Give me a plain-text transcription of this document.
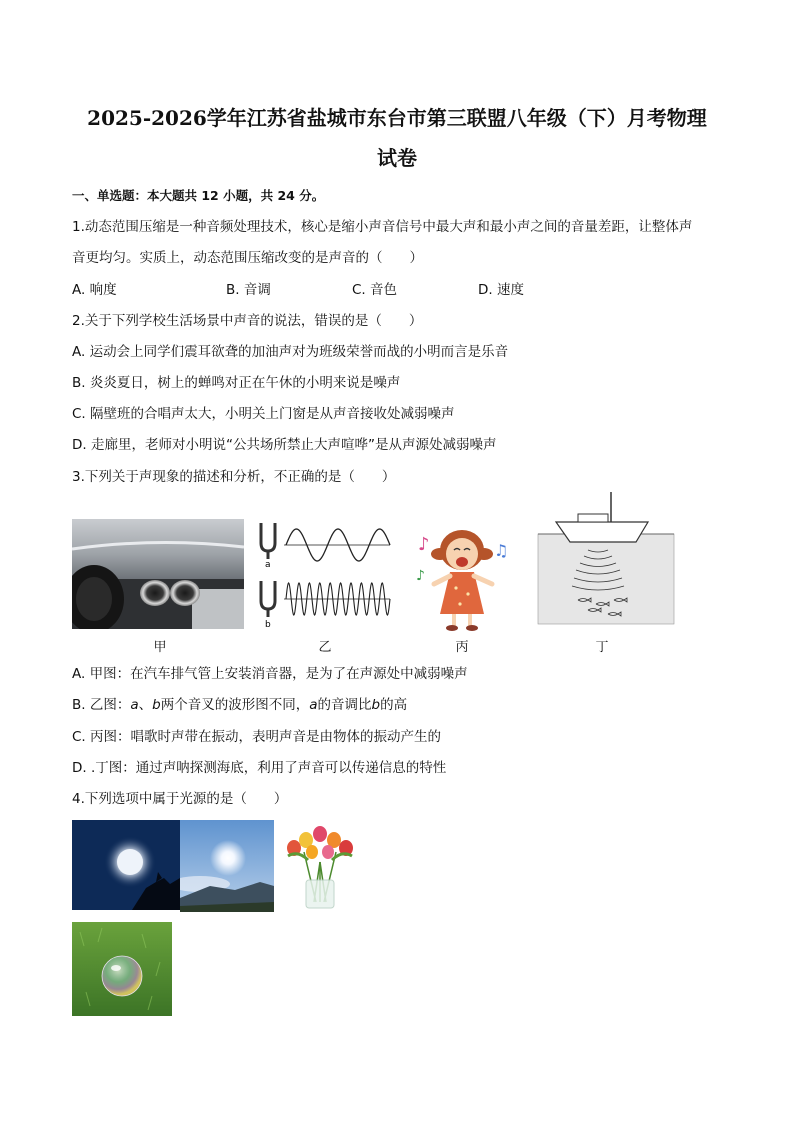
2025-2026学年江苏省盐城市东台市第三联盟八年级（下）月考物理
试卷
一、单选题：本大题共 12 小题，共 24 分。
1.动态范围压缩是一种音频处理技术，核心是缩小声音信号中最大声和最小声之间的音量差距，让整体声
音更均匀。实质上，动态范围压缩改变的是声音的（　　）
A. 响度	B. 音调	C. 音色	D. 速度
2.关于下列学校生活场景中声音的说法，错误的是（　　）
A. 运动会上同学们震耳欲聋的加油声对为班级荣誉而战的小明而言是乐音
B. 炎炎夏日，树上的蝉鸣对正在午休的小明来说是噪声
C. 隔壁班的合唱声太大，小明关上门窗是从声音接收处减弱噪声
D. 走廊里，老师对小明说“公共场所禁止大声喧哗”是从声源处减弱噪声
3.下列关于声现象的描述和分析，不正确的是（　　）
甲
a
b
乙
♪	♫
♪
丙	丁
A. 甲图：在汽车排气管上安装消音器，是为了在声源处中减弱噪声
B. 乙图：a、b两个音叉的波形图不同，a的音调比b的高
C. 丙图：唱歌时声带在振动，表明声音是由物体的振动产生的
D. .丁图：通过声呐探测海底，利用了声音可以传递信息的特性
4.下列选项中属于光源的是（　　）
